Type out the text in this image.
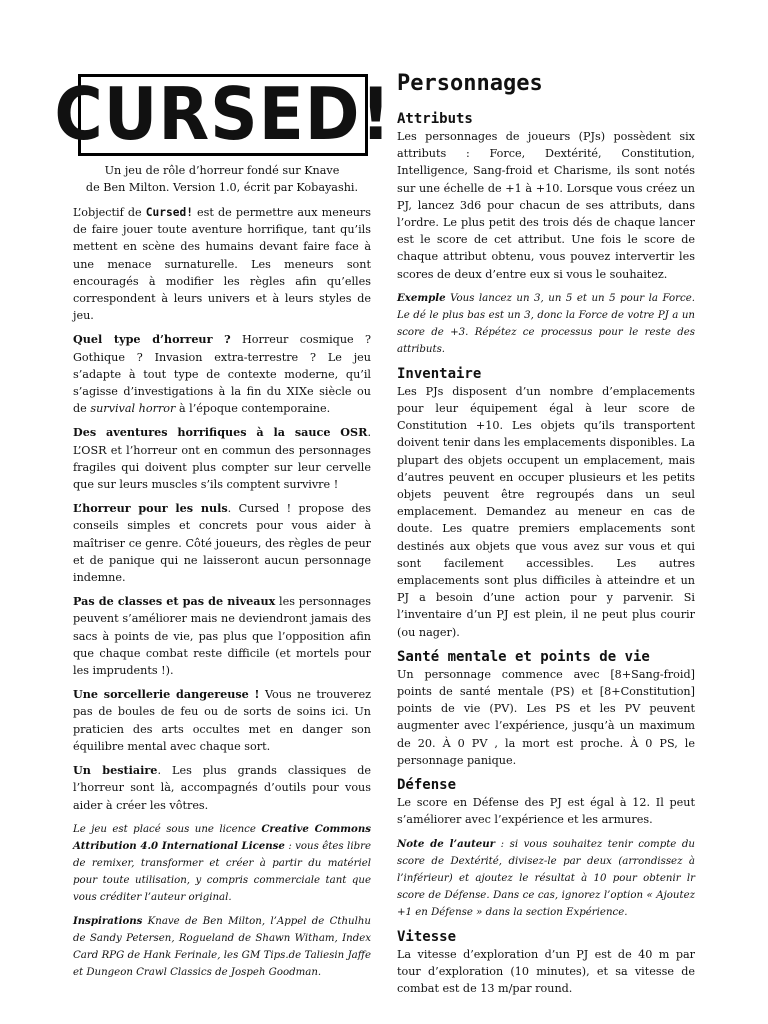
CURSED!
Un jeu de rôle d’horreur fondé sur Knave
de Ben Milton. Version 1.0, écrit par Kobayashi.

L’objectif de Cursed! est de permettre aux meneurs de faire jouer toute aventure horrifique, tant qu’ils mettent en scène des humains devant faire face à une menace surnaturelle. Les meneurs sont encouragés à modifier les règles afin qu’elles correspondent à leurs univers et à leurs styles de jeu.

Quel type d’horreur ? Horreur cosmique ? Gothique ? Invasion extra-terrestre ? Le jeu s’adapte à tout type de contexte moderne, qu’il s’agisse d’investigations à la fin du XIXe siècle ou de survival horror à l’époque contemporaine.

Des aventures horrifiques à la sauce OSR. L’OSR et l’horreur ont en commun des personnages fragiles qui doivent plus compter sur leur cervelle que sur leurs muscles s’ils comptent survivre !

L’horreur pour les nuls. Cursed ! propose des conseils simples et concrets pour vous aider à maîtriser ce genre. Côté joueurs, des règles de peur et de panique qui ne laisseront aucun personnage indemne.

Pas de classes et pas de niveaux les personnages peuvent s’améliorer mais ne deviendront jamais des sacs à points de vie, pas plus que l’opposition afin que chaque combat reste difficile (et mortels pour les imprudents !).

Une sorcellerie dangereuse ! Vous ne trouverez pas de boules de feu ou de sorts de soins ici. Un praticien des arts occultes met en danger son équilibre mental avec chaque sort.

Un bestiaire. Les plus grands classiques de l’horreur sont là, accompagnés d’outils pour vous aider à créer les vôtres.

Le jeu est placé sous une licence Creative Commons Attribution 4.0 International License : vous êtes libre de remixer, transformer et créer à partir du matériel pour toute utilisation, y compris commerciale tant que vous créditer l’auteur original.

Inspirations Knave de Ben Milton, l’Appel de Cthulhu de Sandy Petersen, Rogueland de Shawn Witham, Index Card RPG de Hank Ferinale, les GM Tips.de Taliesin Jaffe et Dungeon Crawl Classics de Jospeh Goodman.

Personnages
Attributs

Les personnages de joueurs (PJs) possèdent six attributs : Force, Dextérité, Constitution, Intelligence, Sang-froid et Charisme, ils sont notés sur une échelle de +1 à +10. Lorsque vous créez un PJ, lancez 3d6 pour chacun de ses attributs, dans l’ordre. Le plus petit des trois dés de chaque lancer est le score de cet attribut. Une fois le score de chaque attribut obtenu, vous pouvez intervertir les scores de deux d’entre eux si vous le souhaitez.

Exemple Vous lancez un 3, un 5 et un 5 pour la Force. Le dé le plus bas est un 3, donc la Force de votre PJ a un score de +3. Répétez ce processus pour le reste des attributs.

Inventaire

Les PJs disposent d’un nombre d’emplacements pour leur équipement égal à leur score de Constitution +10. Les objets qu’ils transportent doivent tenir dans les emplacements disponibles. La plupart des objets occupent un emplacement, mais d’autres peuvent en occuper plusieurs et les petits objets peuvent être regroupés dans un seul emplacement. Demandez au meneur en cas de doute. Les quatre premiers emplacements sont destinés aux objets que vous avez sur vous et qui sont facilement accessibles. Les autres emplacements sont plus difficiles à atteindre et un PJ a besoin d’une action pour y parvenir. Si l’inventaire d’un PJ est plein, il ne peut plus courir (ou nager).

Santé mentale et points de vie

Un personnage commence avec [8+Sang-froid] points de santé mentale (PS) et [8+Constitution] points de vie (PV). Les PS et les PV peuvent augmenter avec l’expérience, jusqu’à un maximum de 20. À 0 PV , la mort est proche. À 0 PS, le personnage panique.

Défense

Le score en Défense des PJ est égal à 12. Il peut s’améliorer avec l’expérience et les armures.

Note de l’auteur : si vous souhaitez tenir compte du score de Dextérité, divisez-le par deux (arrondissez à l’inférieur) et ajoutez le résultat à 10 pour obtenir lr score de Défense. Dans ce cas, ignorez l’option « Ajoutez +1 en Défense » dans la section Expérience.

Vitesse

La vitesse d’exploration d’un PJ est de 40 m par tour d’exploration (10 minutes), et sa vitesse de combat est de 13 m/par round.
